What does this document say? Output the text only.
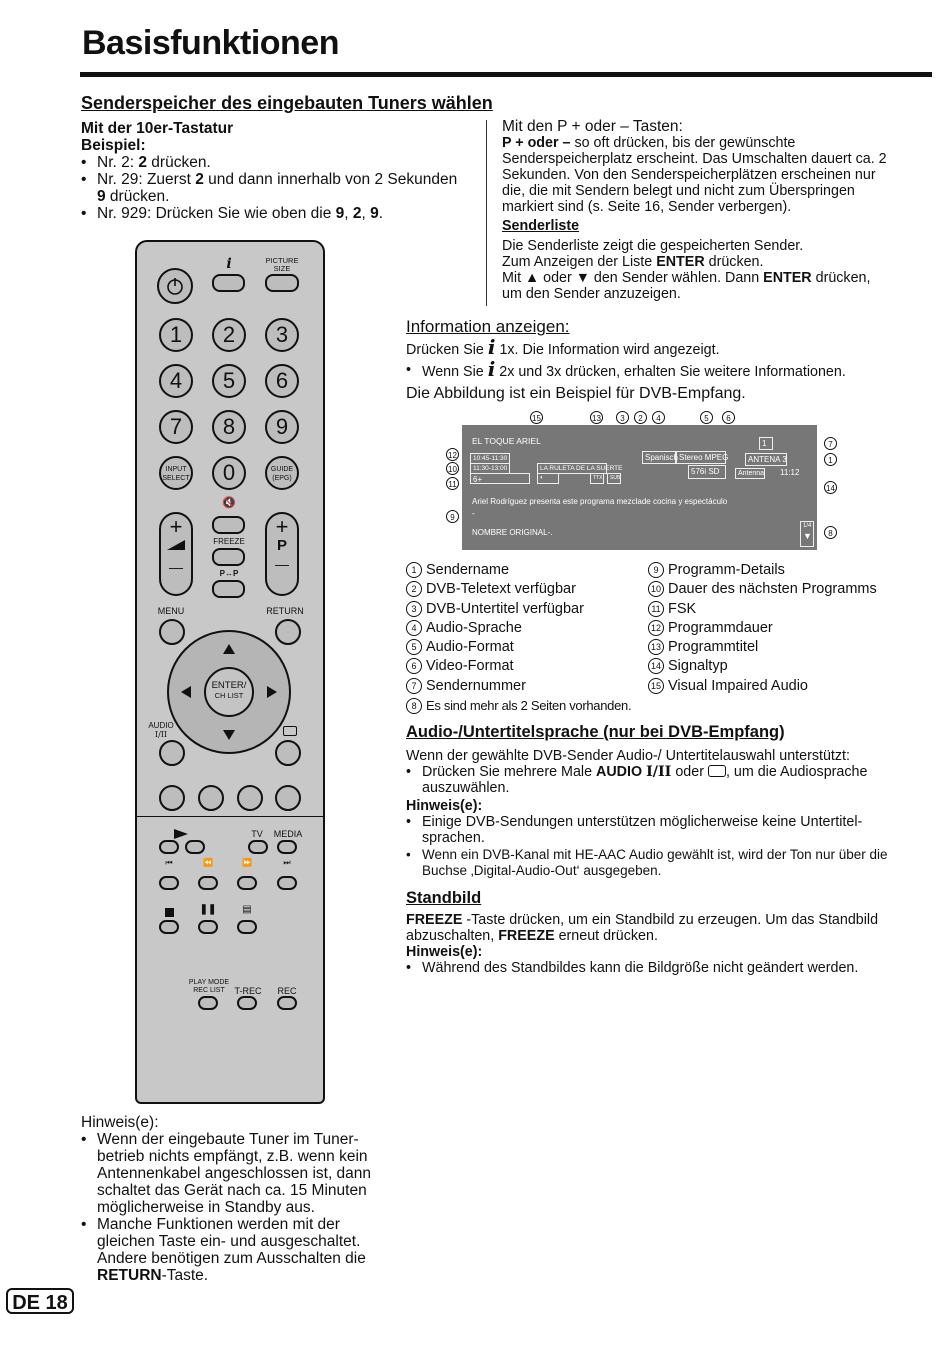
Basisfunktionen
Senderspeicher des eingebauten Tuners wählen
Mit der 10er-Tastatur
Beispiel:
• Nr. 2: 2 drücken.
• Nr. 29: Zuerst 2 und dann innerhalb von 2 Sekunden 9 drücken.
• Nr. 929: Drücken Sie wie oben die 9, 2, 9.
Mit den P + oder – Tasten:
P + oder – so oft drücken, bis der gewünschte Senderspeicherplatz erscheint. Das Umschalten dauert ca. 2 Sekunden. Von den Senderspeicherplätzen erscheinen nur die, die mit Sendern belegt und nicht zum Überspringen markiert sind (s. Seite 16, Sender verbergen).
Senderliste
Die Senderliste zeigt die gespeicherten Sender.
Zum Anzeigen der Liste ENTER drücken.
Mit ▲ oder ▼ den Sender wählen. Dann ENTER drücken, um den Sender anzuzeigen.
i	PICTURE SIZE
1	2	3
4	5	6
7	8	9
INPUT SELECT	0	GUIDE (EPG)
🔇
FREEZE
P↔P
+
—
+
P
—
MENU	RETURN
ENTER/
CH LIST
AUDIO
I/II
TV	MEDIA
⏮	⏪	⏩	⏭
❚❚	▤
PLAY MODE
REC LIST	T-REC	REC
Information anzeigen:
Drücken Sie i 1x. Die Information wird angezeigt.
• Wenn Sie i 2x und 3x drücken, erhalten Sie weitere Informationen.
Die Abbildung ist ein Beispiel für DVB-Empfang.
15	13	3	2	4	5	6
12
10
11
9
7
1
14
8
EL TOQUE ARIEL
10:45-11:30
11:30-13:00
6+
LA RULETA DE LA SUERTE
◐	TTX	SUB
Spanisch Stereo MPEG
576i SD
1
ANTENA 3
Antenna 11:12
Ariel Rodríguez presenta este programa mezclade cocina y espectáculo
-
NOMBRE ORIGINAL-.
1/4
▼
1 Sendername
2 DVB-Teletext verfügbar
3 DVB-Untertitel verfügbar
4 Audio-Sprache
5 Audio-Format
6 Video-Format
7 Sendernummer
8 Es sind mehr als 2 Seiten vorhanden.
9 Programm-Details
10 Dauer des nächsten Programms
11 FSK
12 Programmdauer
13 Programmtitel
14 Signaltyp
15 Visual Impaired Audio
Audio-/Untertitelsprache (nur bei DVB-Empfang)
Wenn der gewählte DVB-Sender Audio-/ Untertitelauswahl unterstützt:
• Drücken Sie mehrere Male AUDIO I/II oder , um die Audiosprache auszuwählen.
Hinweis(e):
• Einige DVB-Sendungen unterstützen möglicherweise keine Untertitel-sprachen.
• Wenn ein DVB-Kanal mit HE-AAC Audio gewählt ist, wird der Ton nur über die Buchse ‚Digital-Audio-Out‘ ausgegeben.
Standbild
FREEZE -Taste drücken, um ein Standbild zu erzeugen. Um das Standbild abzuschalten, FREEZE erneut drücken.
Hinweis(e):
• Während des Standbildes kann die Bildgröße nicht geändert werden.
Hinweis(e):
• Wenn der eingebaute Tuner im Tuner-betrieb nichts empfängt, z.B. wenn kein Antennenkabel angeschlossen ist, dann schaltet das Gerät nach ca. 15 Minuten möglicherweise in Standby aus.
• Manche Funktionen werden mit der gleichen Taste ein- und ausgeschaltet. Andere benötigen zum Ausschalten die RETURN-Taste.
DE 18
